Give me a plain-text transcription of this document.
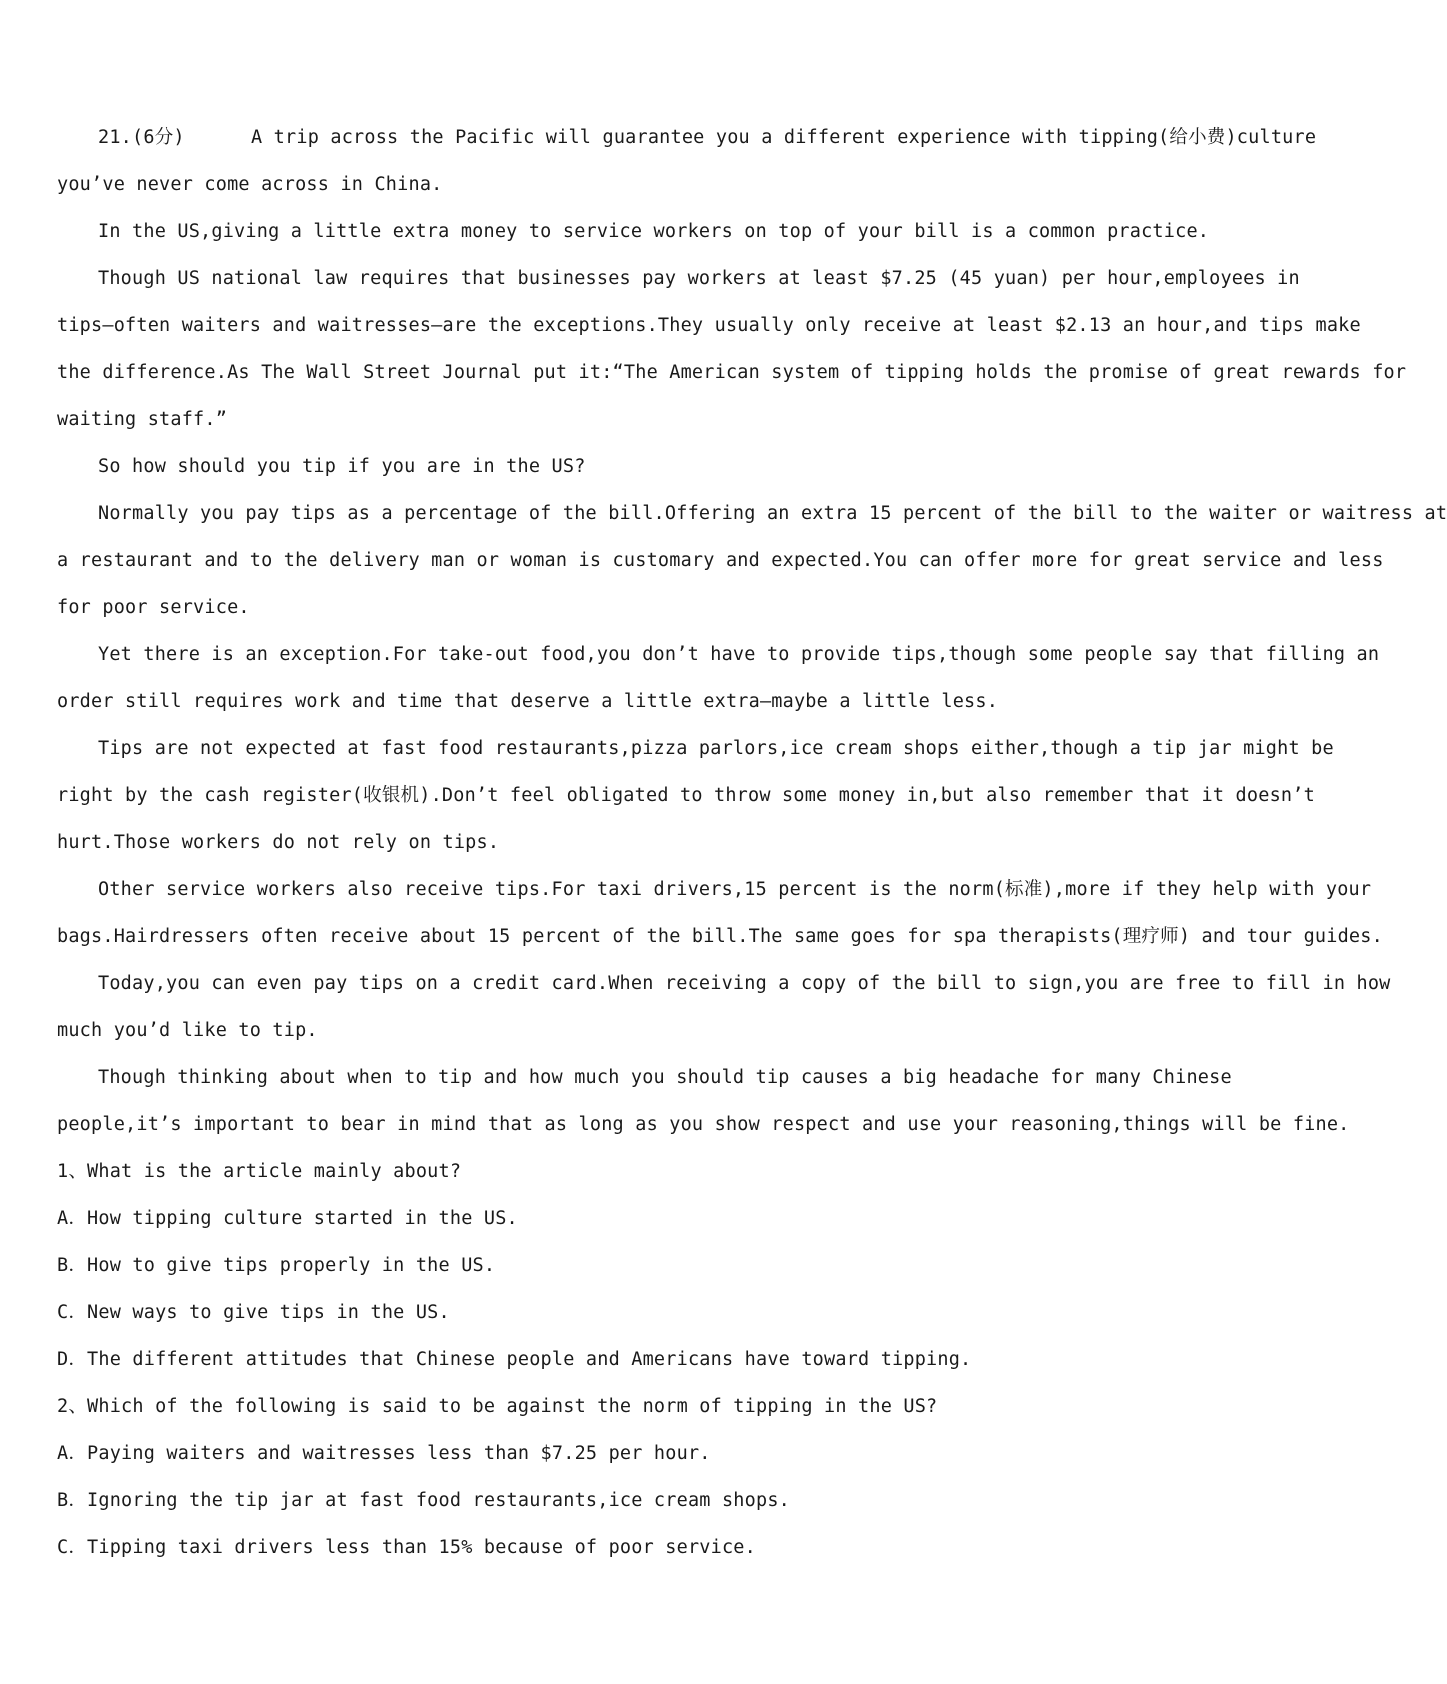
21.(6分)	A trip across the Pacific will guarantee you a different experience with tipping(给小费)culture
you’ve never come across in China.
In the US,giving a little extra money to service workers on top of your bill is a common practice.
Though US national law requires that businesses pay workers at least $7.25 (45 yuan) per hour,employees in
tips—often waiters and waitresses—are the exceptions.They usually only receive at least $2.13 an hour,and tips make
the difference.As The Wall Street Journal put it:“The American system of tipping holds the promise of great rewards for
waiting staff.”
So how should you tip if you are in the US?
Normally you pay tips as a percentage of the bill.Offering an extra 15 percent of the bill to the waiter or waitress at
a restaurant and to the delivery man or woman is customary and expected.You can offer more for great service and less
for poor service.
Yet there is an exception.For take-out food,you don’t have to provide tips,though some people say that filling an
order still requires work and time that deserve a little extra—maybe a little less.
Tips are not expected at fast food restaurants,pizza parlors,ice cream shops either,though a tip jar might be
right by the cash register(收银机).Don’t feel obligated to throw some money in,but also remember that it doesn’t
hurt.Those workers do not rely on tips.
Other service workers also receive tips.For taxi drivers,15 percent is the norm(标准),more if they help with your
bags.Hairdressers often receive about 15 percent of the bill.The same goes for spa therapists(理疗师) and tour guides.
Today,you can even pay tips on a credit card.When receiving a copy of the bill to sign,you are free to fill in how
much you’d like to tip.
Though thinking about when to tip and how much you should tip causes a big headache for many Chinese
people,it’s important to bear in mind that as long as you show respect and use your reasoning,things will be fine.
1、What is the article mainly about?
A．How tipping culture started in the US.
B．How to give tips properly in the US.
C．New ways to give tips in the US.
D．The different attitudes that Chinese people and Americans have toward tipping.
2、Which of the following is said to be against the norm of tipping in the US?
A．Paying waiters and waitresses less than $7.25 per hour.
B．Ignoring the tip jar at fast food restaurants,ice cream shops.
C．Tipping taxi drivers less than 15% because of poor service.
